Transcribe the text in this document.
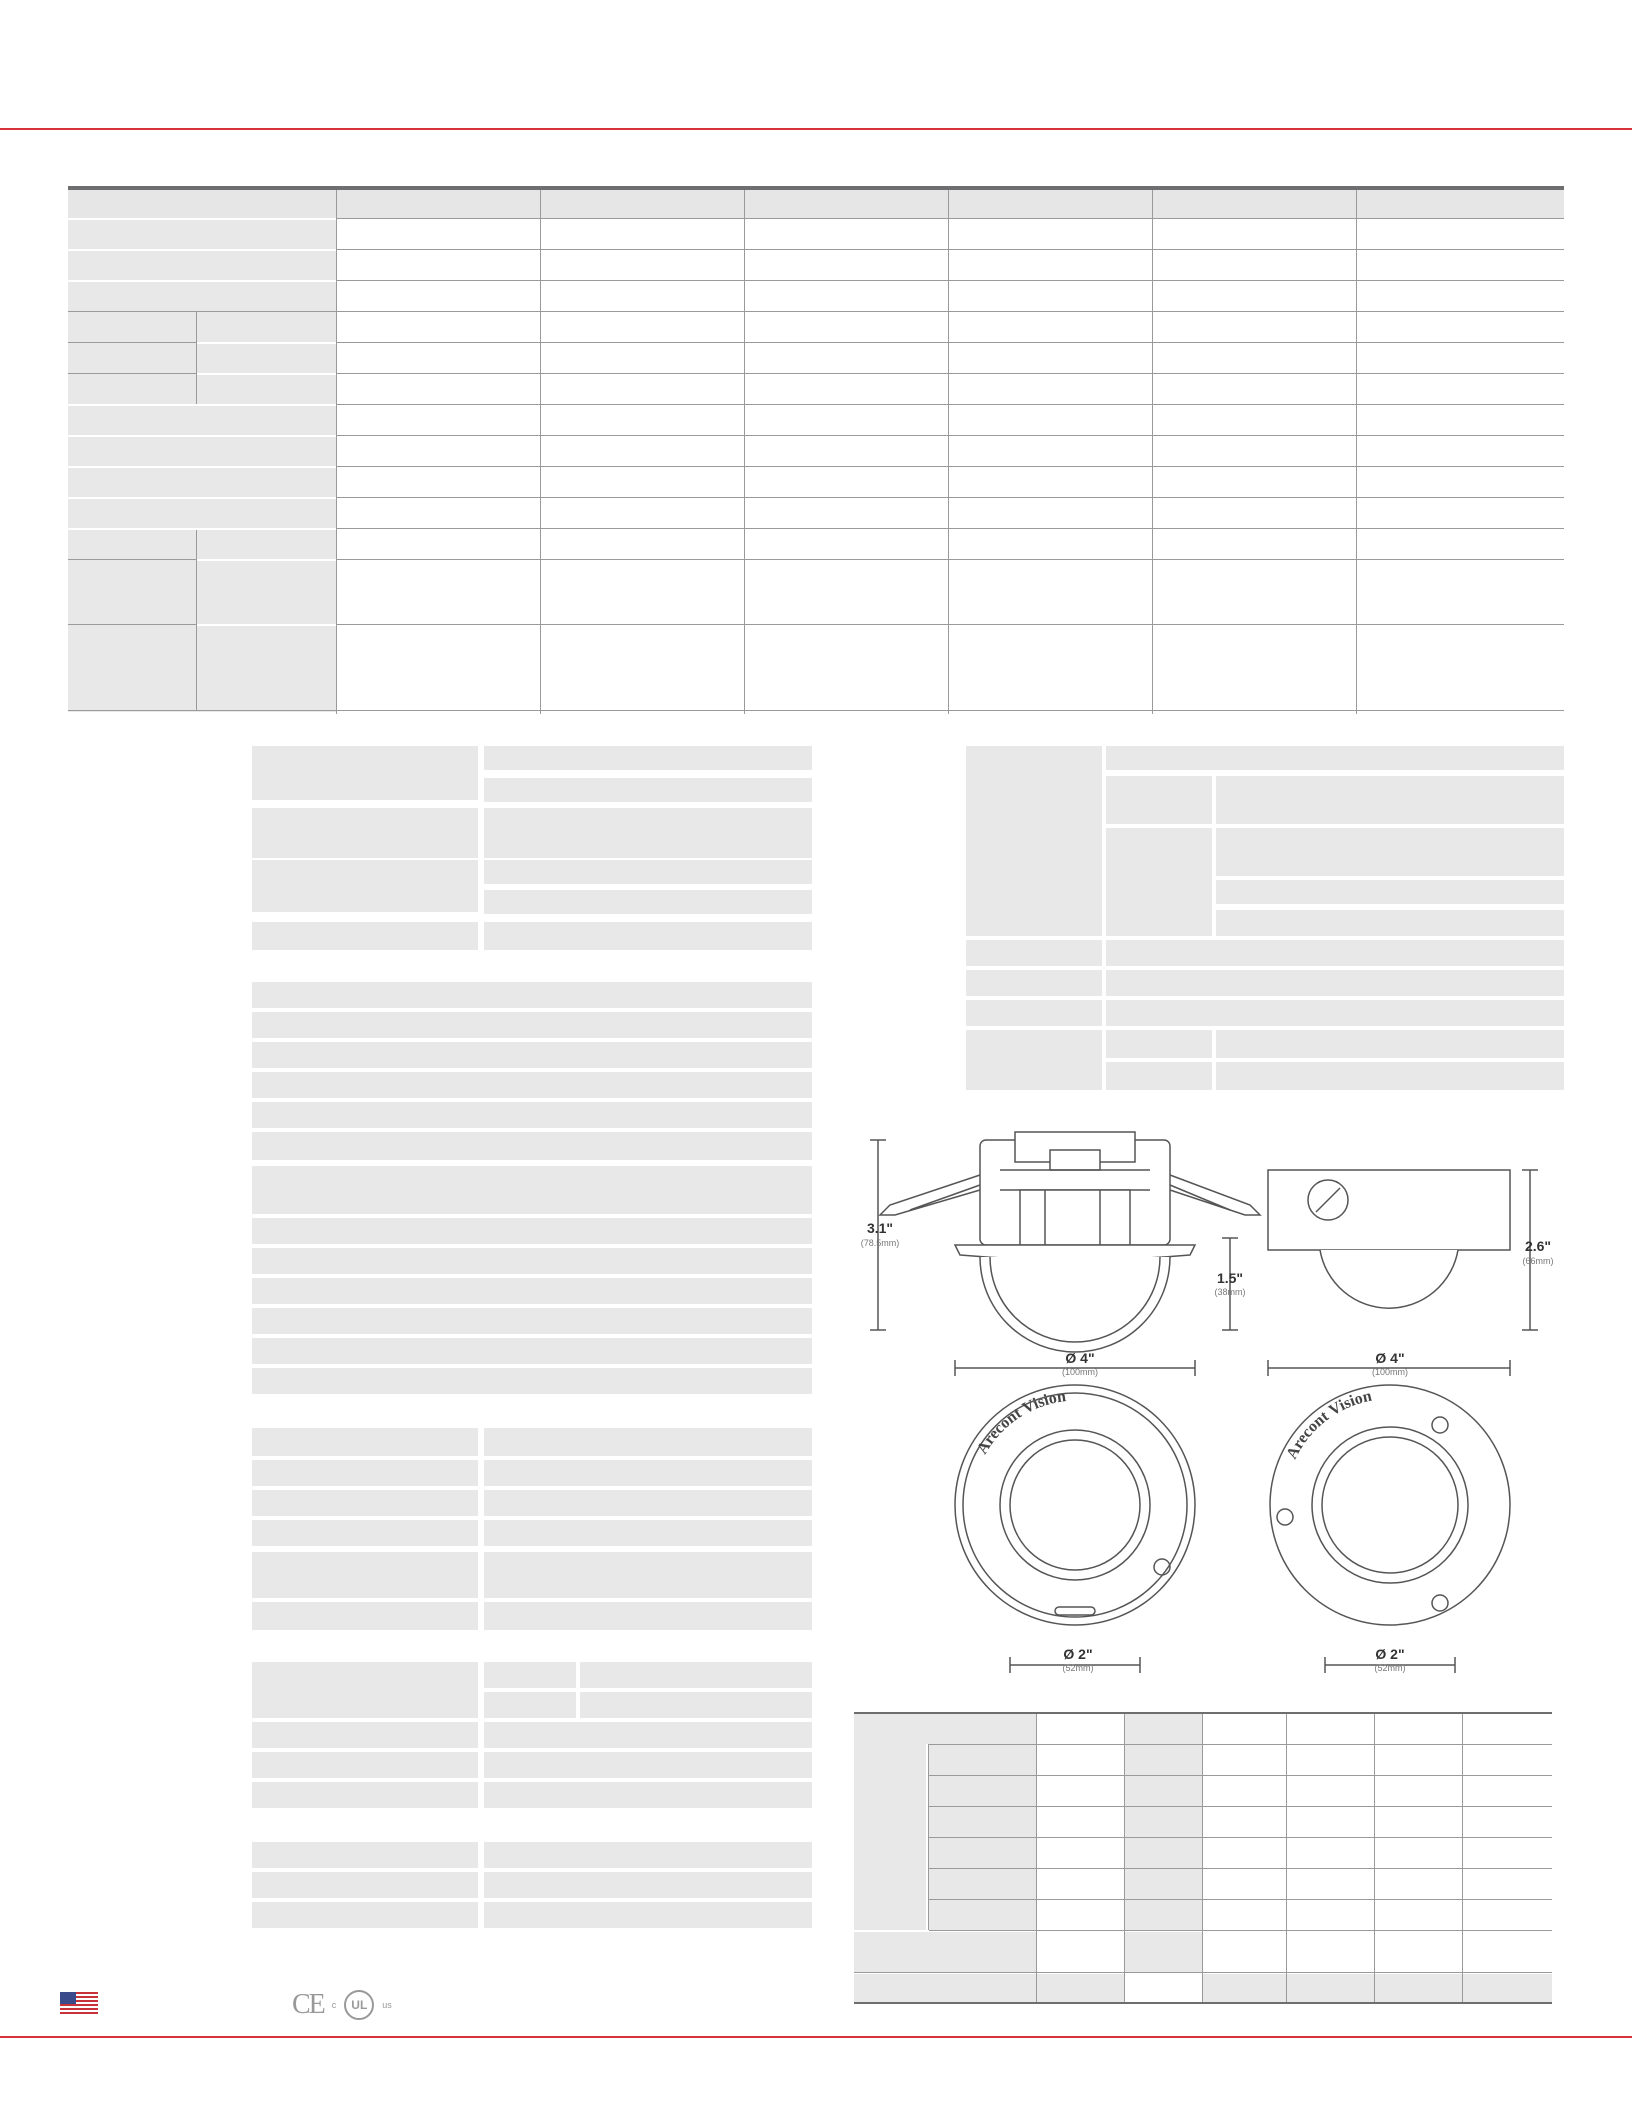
Arecont Vision
Arecont Vision
3.1"
(78.5mm)
1.5"
(38mm)
Ø 4"
(100mm)
2.6"
(66mm)
Ø 4"
(100mm)
Ø 2"
(52mm)
Ø 2"
(52mm)
CE c	UL	us
